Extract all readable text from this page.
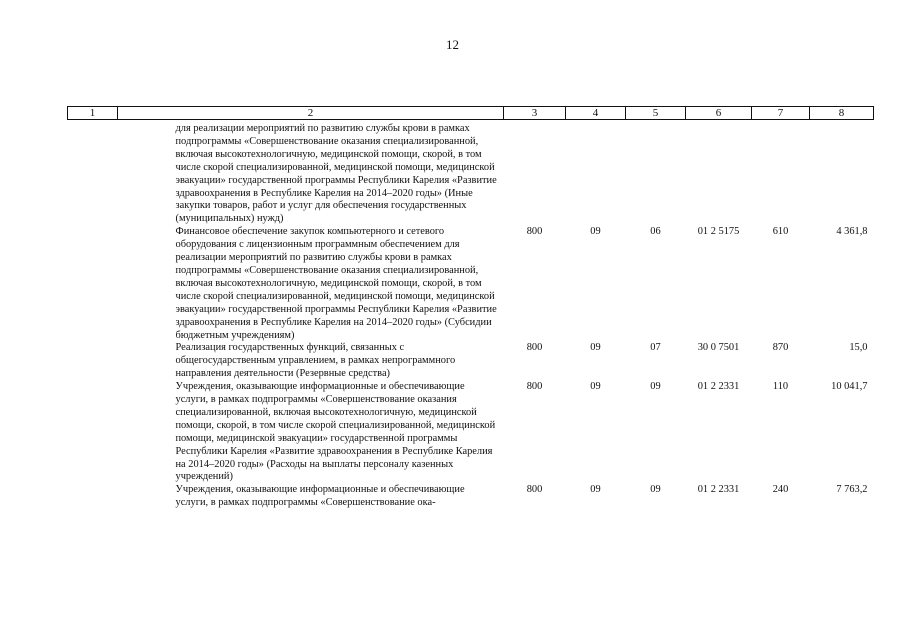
12
1	2	3	4	5	6	7	8

	для реализации мероприятий по развитию службы крови в рамках подпрограммы «Совершенствование оказания специализированной, включая высокотехнологичную, медицинской помощи, скорой, в том числе скорой специализированной, медицинской помощи, медицинской эвакуации» государственной программы Республики Карелия «Развитие здравоохранения в Республике Карелия на 2014–2020 годы» (Иные закупки товаров, работ и услуг для обеспечения государственных (муниципальных) нужд)						
	Финансовое обеспечение закупок компьютерного и сетевого оборудования с лицензионным программным обеспечением для реализации мероприятий по развитию службы крови в рамках подпрограммы «Совершенствование оказания специализированной, включая высокотехнологичную, медицинской помощи, скорой, в том числе скорой специализированной, медицинской помощи, медицинской эвакуации» государственной программы Республики Карелия «Развитие здравоохранения в Республике Карелия на 2014–2020 годы» (Субсидии бюджетным учреждениям)	800	09	06	01 2 5175	610	4 361,8
	Реализация государственных функций, связанных с общегосударственным управлением, в рамках непрограммного направления деятельности (Резервные средства)	800	09	07	30 0 7501	870	15,0
	Учреждения, оказывающие информационные и обеспечивающие услуги, в рамках подпрограммы «Совершенствование оказания специализированной, включая высокотехнологичную, медицинской помощи, скорой, в том числе скорой специализированной, медицинской помощи, медицинской эвакуации» государственной программы Республики Карелия «Развитие здравоохранения в Республике Карелия на 2014–2020 годы» (Расходы на выплаты персоналу казенных учреждений)	800	09	09	01 2 2331	110	10 041,7
	Учреждения, оказывающие информационные и обеспечивающие услуги, в рамках подпрограммы «Совершенствование ока-	800	09	09	01 2 2331	240	7 763,2
